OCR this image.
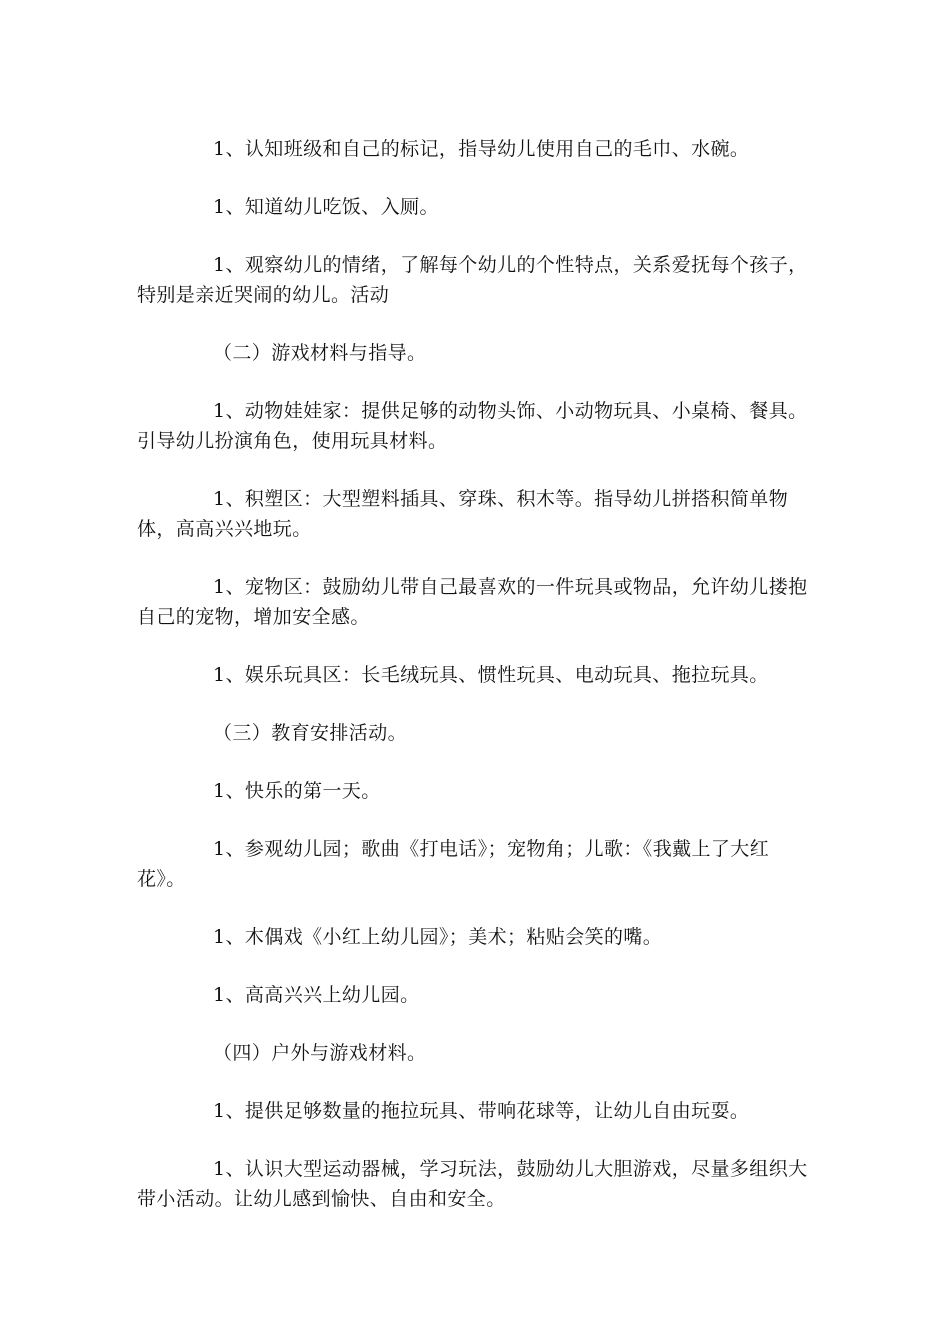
1、认知班级和自己的标记，指导幼儿使用自己的毛巾、水碗。

1、知道幼儿吃饭、入厕。

1、观察幼儿的情绪，了解每个幼儿的个性特点，关系爱抚每个孩子，特别是亲近哭闹的幼儿。活动

（二）游戏材料与指导。

1、动物娃娃家：提供足够的动物头饰、小动物玩具、小桌椅、餐具。引导幼儿扮演角色，使用玩具材料。

1、积塑区：大型塑料插具、穿珠、积木等。指导幼儿拼搭积简单物体，高高兴兴地玩。

1、宠物区：鼓励幼儿带自己最喜欢的一件玩具或物品，允许幼儿搂抱自己的宠物，增加安全感。

1、娱乐玩具区：长毛绒玩具、惯性玩具、电动玩具、拖拉玩具。

（三）教育安排活动。

1、快乐的第一天。

1、参观幼儿园；歌曲《打电话》；宠物角；儿歌：《我戴上了大红花》。

1、木偶戏《小红上幼儿园》；美术；粘贴会笑的嘴。

1、高高兴兴上幼儿园。

（四）户外与游戏材料。

1、提供足够数量的拖拉玩具、带响花球等，让幼儿自由玩耍。

1、认识大型运动器械，学习玩法，鼓励幼儿大胆游戏，尽量多组织大带小活动。让幼儿感到愉快、自由和安全。
